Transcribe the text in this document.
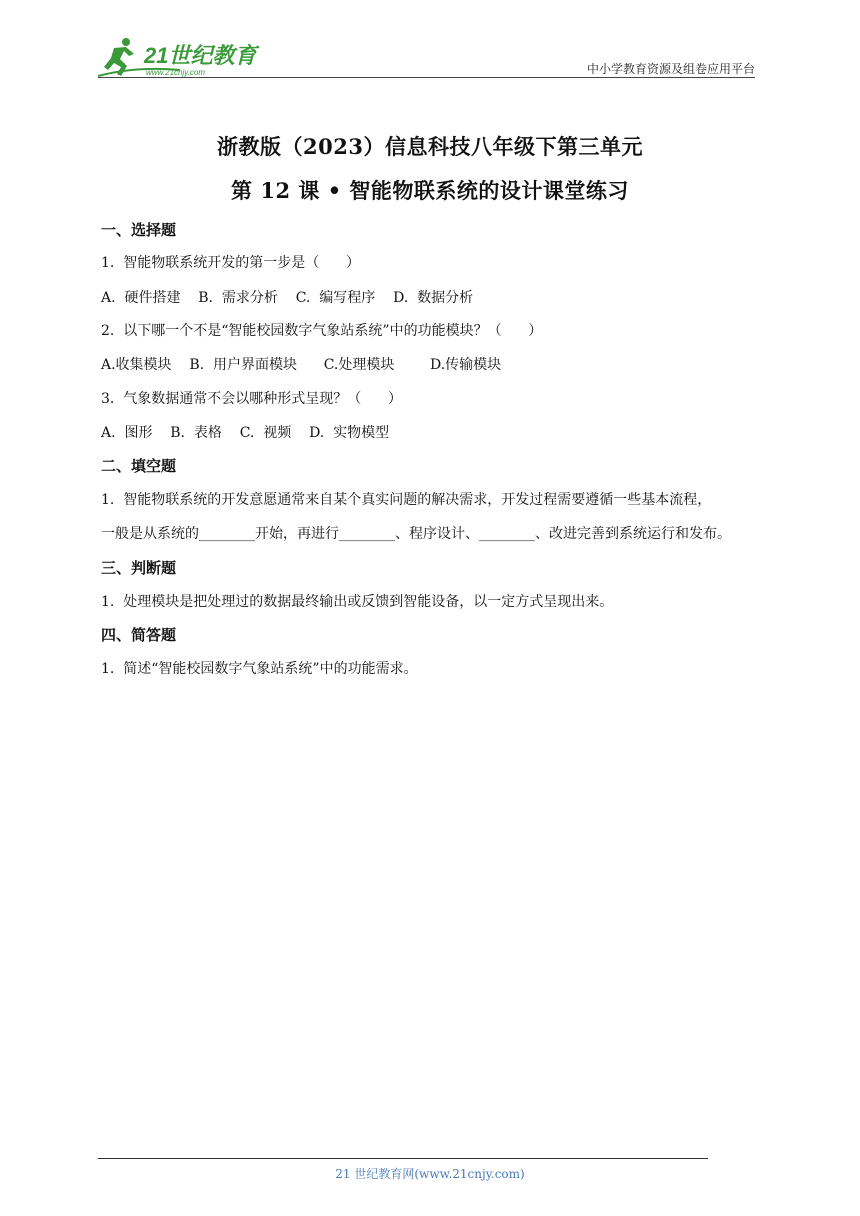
21世纪教育
www.21cnjy.com	中小学教育资源及组卷应用平台
浙教版（2023）信息科技八年级下第三单元
第 12 课 • 智能物联系统的设计课堂练习
一、选择题
1.  智能物联系统开发的第一步是（      ）
A.  硬件搭建    B.  需求分析    C.  编写程序    D.  数据分析
2.  以下哪一个不是“智能校园数字气象站系统”中的功能模块？（      ）
A.收集模块    B.  用户界面模块      C.处理模块        D.传输模块
3.  气象数据通常不会以哪种形式呈现？（      ）
A.  图形    B.  表格    C.  视频    D.  实物模型
二、填空题
1.  智能物联系统的开发意愿通常来自某个真实问题的解决需求，开发过程需要遵循一些基本流程，
一般是从系统的________开始，再进行________、程序设计、________、改进完善到系统运行和发布。
三、判断题
1.  处理模块是把处理过的数据最终输出或反馈到智能设备，以一定方式呈现出来。
四、简答题
1.  简述“智能校园数字气象站系统”中的功能需求。
21 世纪教育网(www.21cnjy.com)
